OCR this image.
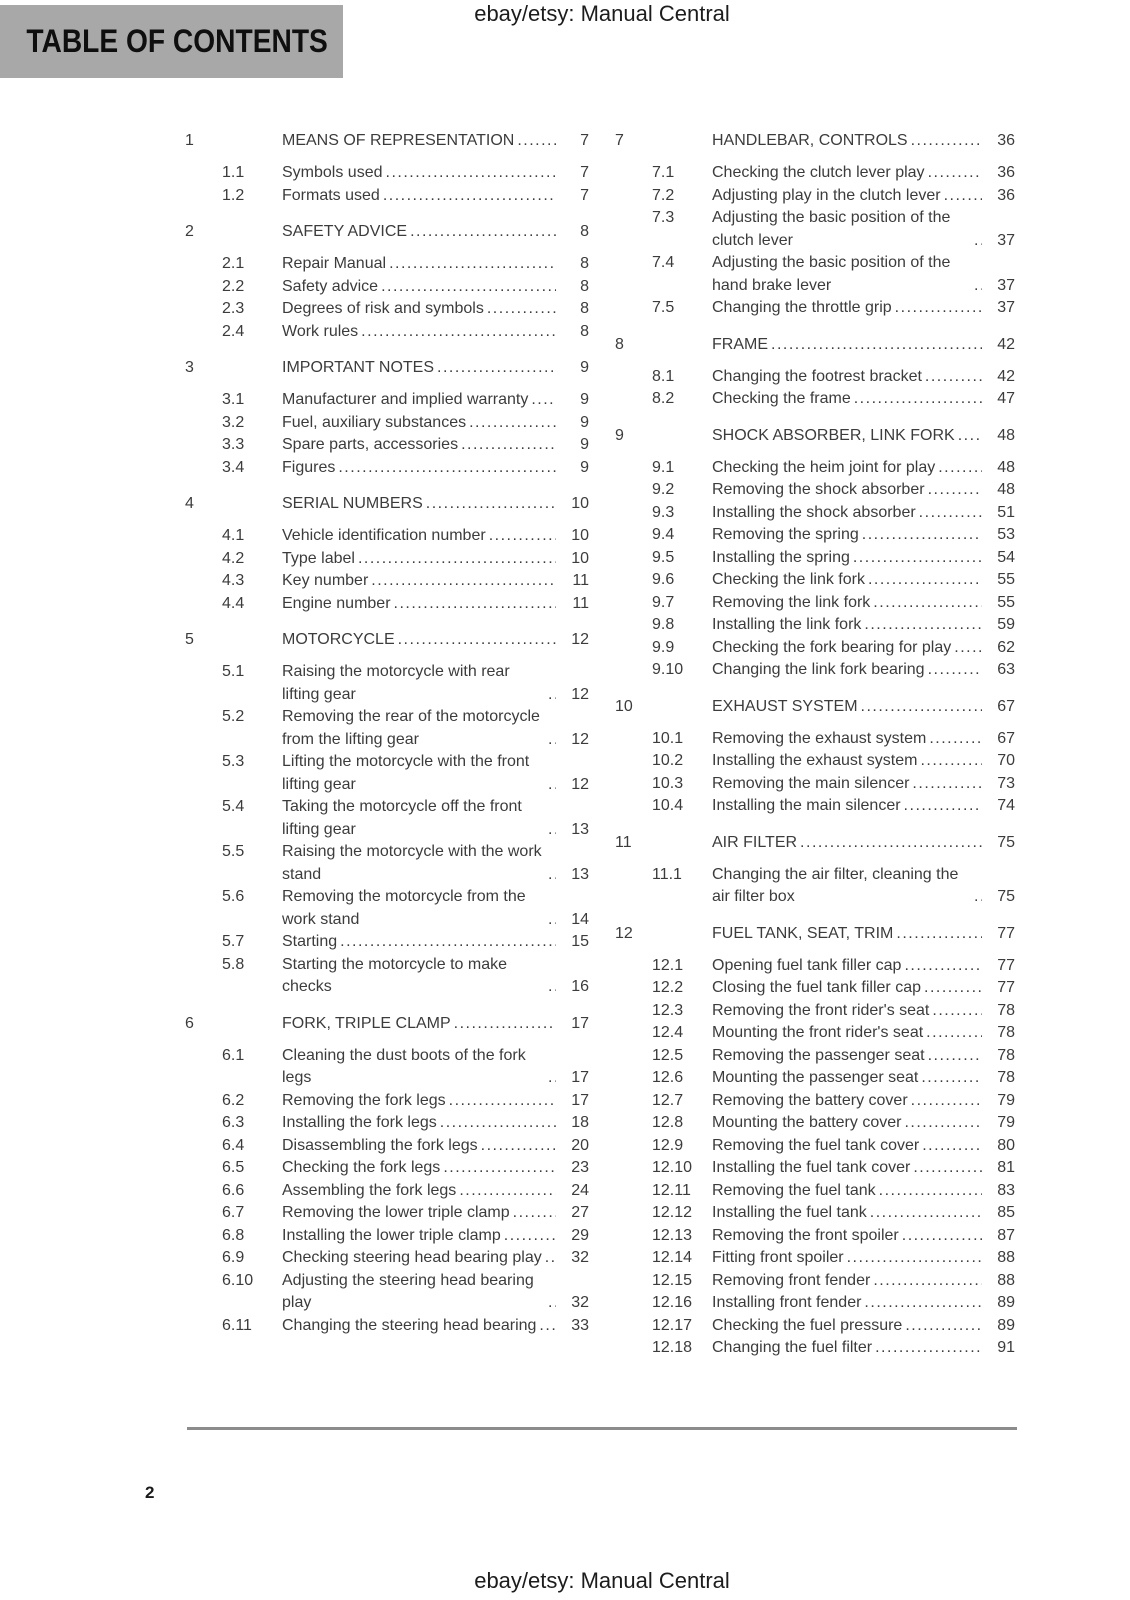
ebay/etsy: Manual Central
TABLE OF CONTENTS
1	MEANS OF REPRESENTATION .....	7
1.1	Symbols used .....	7
1.2	Formats used .....	7
2	SAFETY ADVICE .....	8
2.1	Repair Manual .....	8
2.2	Safety advice .....	8
2.3	Degrees of risk and symbols .....	8
2.4	Work rules .....	8
3	IMPORTANT NOTES .....	9
3.1	Manufacturer and implied warranty .....	9
3.2	Fuel, auxiliary substances .....	9
3.3	Spare parts, accessories .....	9
3.4	Figures .....	9
4	SERIAL NUMBERS .....	10
4.1	Vehicle identification number .....	10
4.2	Type label .....	10
4.3	Key number .....	11
4.4	Engine number .....	11
5	MOTORCYCLE .....	12
5.1	Raising the motorcycle with rear lifting gear .....	12
5.2	Removing the rear of the motorcycle from the lifting gear .....	12
5.3	Lifting the motorcycle with the front lifting gear .....	12
5.4	Taking the motorcycle off the front lifting gear .....	13
5.5	Raising the motorcycle with the work stand .....	13
5.6	Removing the motorcycle from the work stand .....	14
5.7	Starting .....	15
5.8	Starting the motorcycle to make checks .....	16
6	FORK, TRIPLE CLAMP .....	17
6.1	Cleaning the dust boots of the fork legs .....	17
6.2	Removing the fork legs .....	17
6.3	Installing the fork legs .....	18
6.4	Disassembling the fork legs .....	20
6.5	Checking the fork legs .....	23
6.6	Assembling the fork legs .....	24
6.7	Removing the lower triple clamp .....	27
6.8	Installing the lower triple clamp .....	29
6.9	Checking steering head bearing play .....	32
6.10	Adjusting the steering head bearing play .....	32
6.11	Changing the steering head bearing .....	33
7	HANDLEBAR, CONTROLS .....	36
7.1	Checking the clutch lever play .....	36
7.2	Adjusting play in the clutch lever .....	36
7.3	Adjusting the basic position of the clutch lever .....	37
7.4	Adjusting the basic position of the hand brake lever .....	37
7.5	Changing the throttle grip .....	37
8	FRAME .....	42
8.1	Changing the footrest bracket .....	42
8.2	Checking the frame .....	47
9	SHOCK ABSORBER, LINK FORK .....	48
9.1	Checking the heim joint for play .....	48
9.2	Removing the shock absorber .....	48
9.3	Installing the shock absorber .....	51
9.4	Removing the spring .....	53
9.5	Installing the spring .....	54
9.6	Checking the link fork .....	55
9.7	Removing the link fork .....	55
9.8	Installing the link fork .....	59
9.9	Checking the fork bearing for play .....	62
9.10	Changing the link fork bearing .....	63
10	EXHAUST SYSTEM .....	67
10.1	Removing the exhaust system .....	67
10.2	Installing the exhaust system .....	70
10.3	Removing the main silencer .....	73
10.4	Installing the main silencer .....	74
11	AIR FILTER .....	75
11.1	Changing the air filter, cleaning the air filter box .....	75
12	FUEL TANK, SEAT, TRIM .....	77
12.1	Opening fuel tank filler cap .....	77
12.2	Closing the fuel tank filler cap .....	77
12.3	Removing the front rider's seat .....	78
12.4	Mounting the front rider's seat .....	78
12.5	Removing the passenger seat .....	78
12.6	Mounting the passenger seat .....	78
12.7	Removing the battery cover .....	79
12.8	Mounting the battery cover .....	79
12.9	Removing the fuel tank cover .....	80
12.10	Installing the fuel tank cover .....	81
12.11	Removing the fuel tank .....	83
12.12	Installing the fuel tank .....	85
12.13	Removing the front spoiler .....	87
12.14	Fitting front spoiler .....	88
12.15	Removing front fender .....	88
12.16	Installing front fender .....	89
12.17	Checking the fuel pressure .....	89
12.18	Changing the fuel filter .....	91
2
ebay/etsy: Manual Central
